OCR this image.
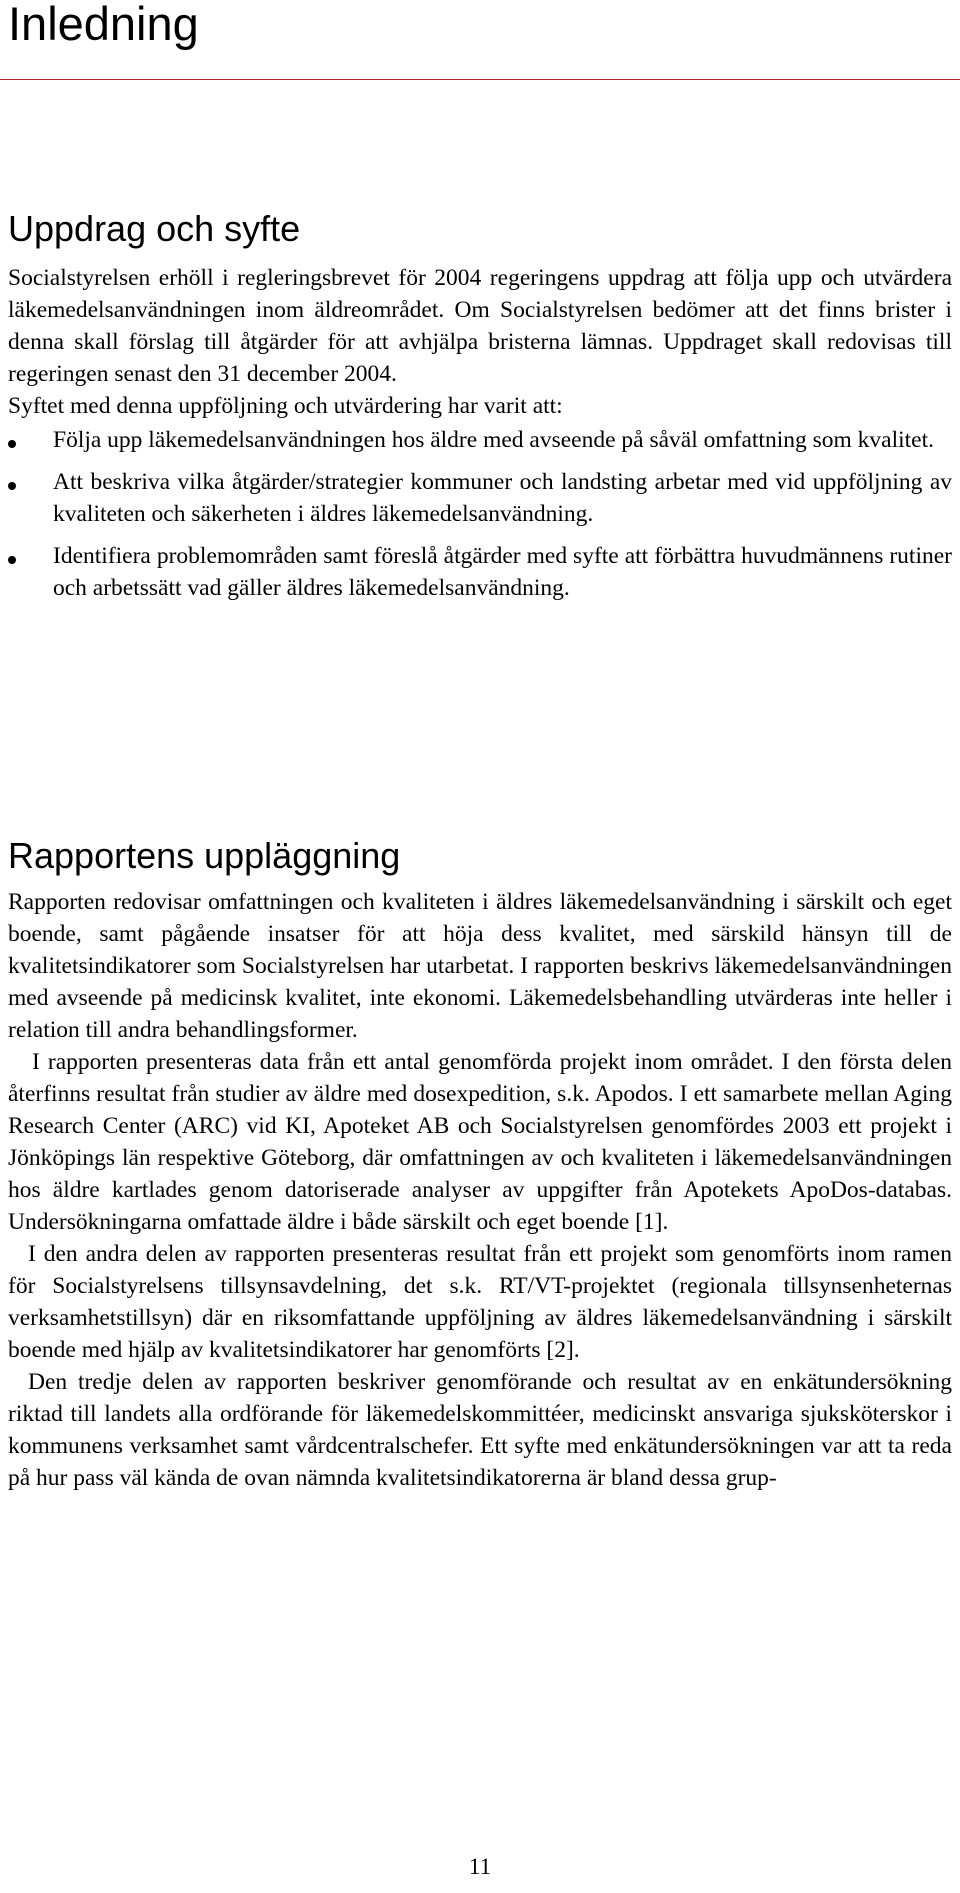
Inledning
Uppdrag och syfte

Socialstyrelsen erhöll i regleringsbrevet för 2004 regeringens uppdrag att följa upp och utvärdera läkemedelsanvändningen inom äldreområdet. Om Socialstyrelsen bedömer att det finns brister i denna skall förslag till åtgärder för att avhjälpa bristerna lämnas. Uppdraget skall redovisas till regeringen senast den 31 december 2004.

Syftet med denna uppföljning och utvärdering har varit att:

Följa upp läkemedelsanvändningen hos äldre med avseende på såväl omfattning som kvalitet.
Att beskriva vilka åtgärder/strategier kommuner och landsting arbetar med vid uppföljning av kvaliteten och säkerheten i äldres läkemedelsanvändning.
Identifiera problemområden samt föreslå åtgärder med syfte att förbättra huvudmännens rutiner och arbetssätt vad gäller äldres läkemedelsanvändning.
Rapportens uppläggning

Rapporten redovisar omfattningen och kvaliteten i äldres läkemedelsanvändning i särskilt och eget boende, samt pågående insatser för att höja dess kvalitet, med särskild hänsyn till de kvalitetsindikatorer som Socialstyrelsen har utarbetat. I rapporten beskrivs läkemedelsanvändningen med avseende på medicinsk kvalitet, inte ekonomi. Läkemedelsbehandling utvärderas inte heller i relation till andra behandlingsformer.

I rapporten presenteras data från ett antal genomförda projekt inom området. I den första delen återfinns resultat från studier av äldre med dosexpedition, s.k. Apodos. I ett samarbete mellan Aging Research Center (ARC) vid KI, Apoteket AB och Socialstyrelsen genomfördes 2003 ett projekt i Jönköpings län respektive Göteborg, där omfattningen av och kvaliteten i läkemedelsanvändningen hos äldre kartlades genom datoriserade analyser av uppgifter från Apotekets ApoDos-databas. Undersökningarna omfattade äldre i både särskilt och eget boende [1].

I den andra delen av rapporten presenteras resultat från ett projekt som genomförts inom ramen för Socialstyrelsens tillsynsavdelning, det s.k. RT/VT-projektet (regionala tillsynsenheternas verksamhetstillsyn) där en riksomfattande uppföljning av äldres läkemedelsanvändning i särskilt boende med hjälp av kvalitetsindikatorer har genomförts [2].

Den tredje delen av rapporten beskriver genomförande och resultat av en enkätundersökning riktad till landets alla ordförande för läkemedelskommittéer, medicinskt ansvariga sjuksköterskor i kommunens verksamhet samt vårdcentralschefer. Ett syfte med enkätundersökningen var att ta reda på hur pass väl kända de ovan nämnda kvalitetsindikatorerna är bland dessa grup-

11
